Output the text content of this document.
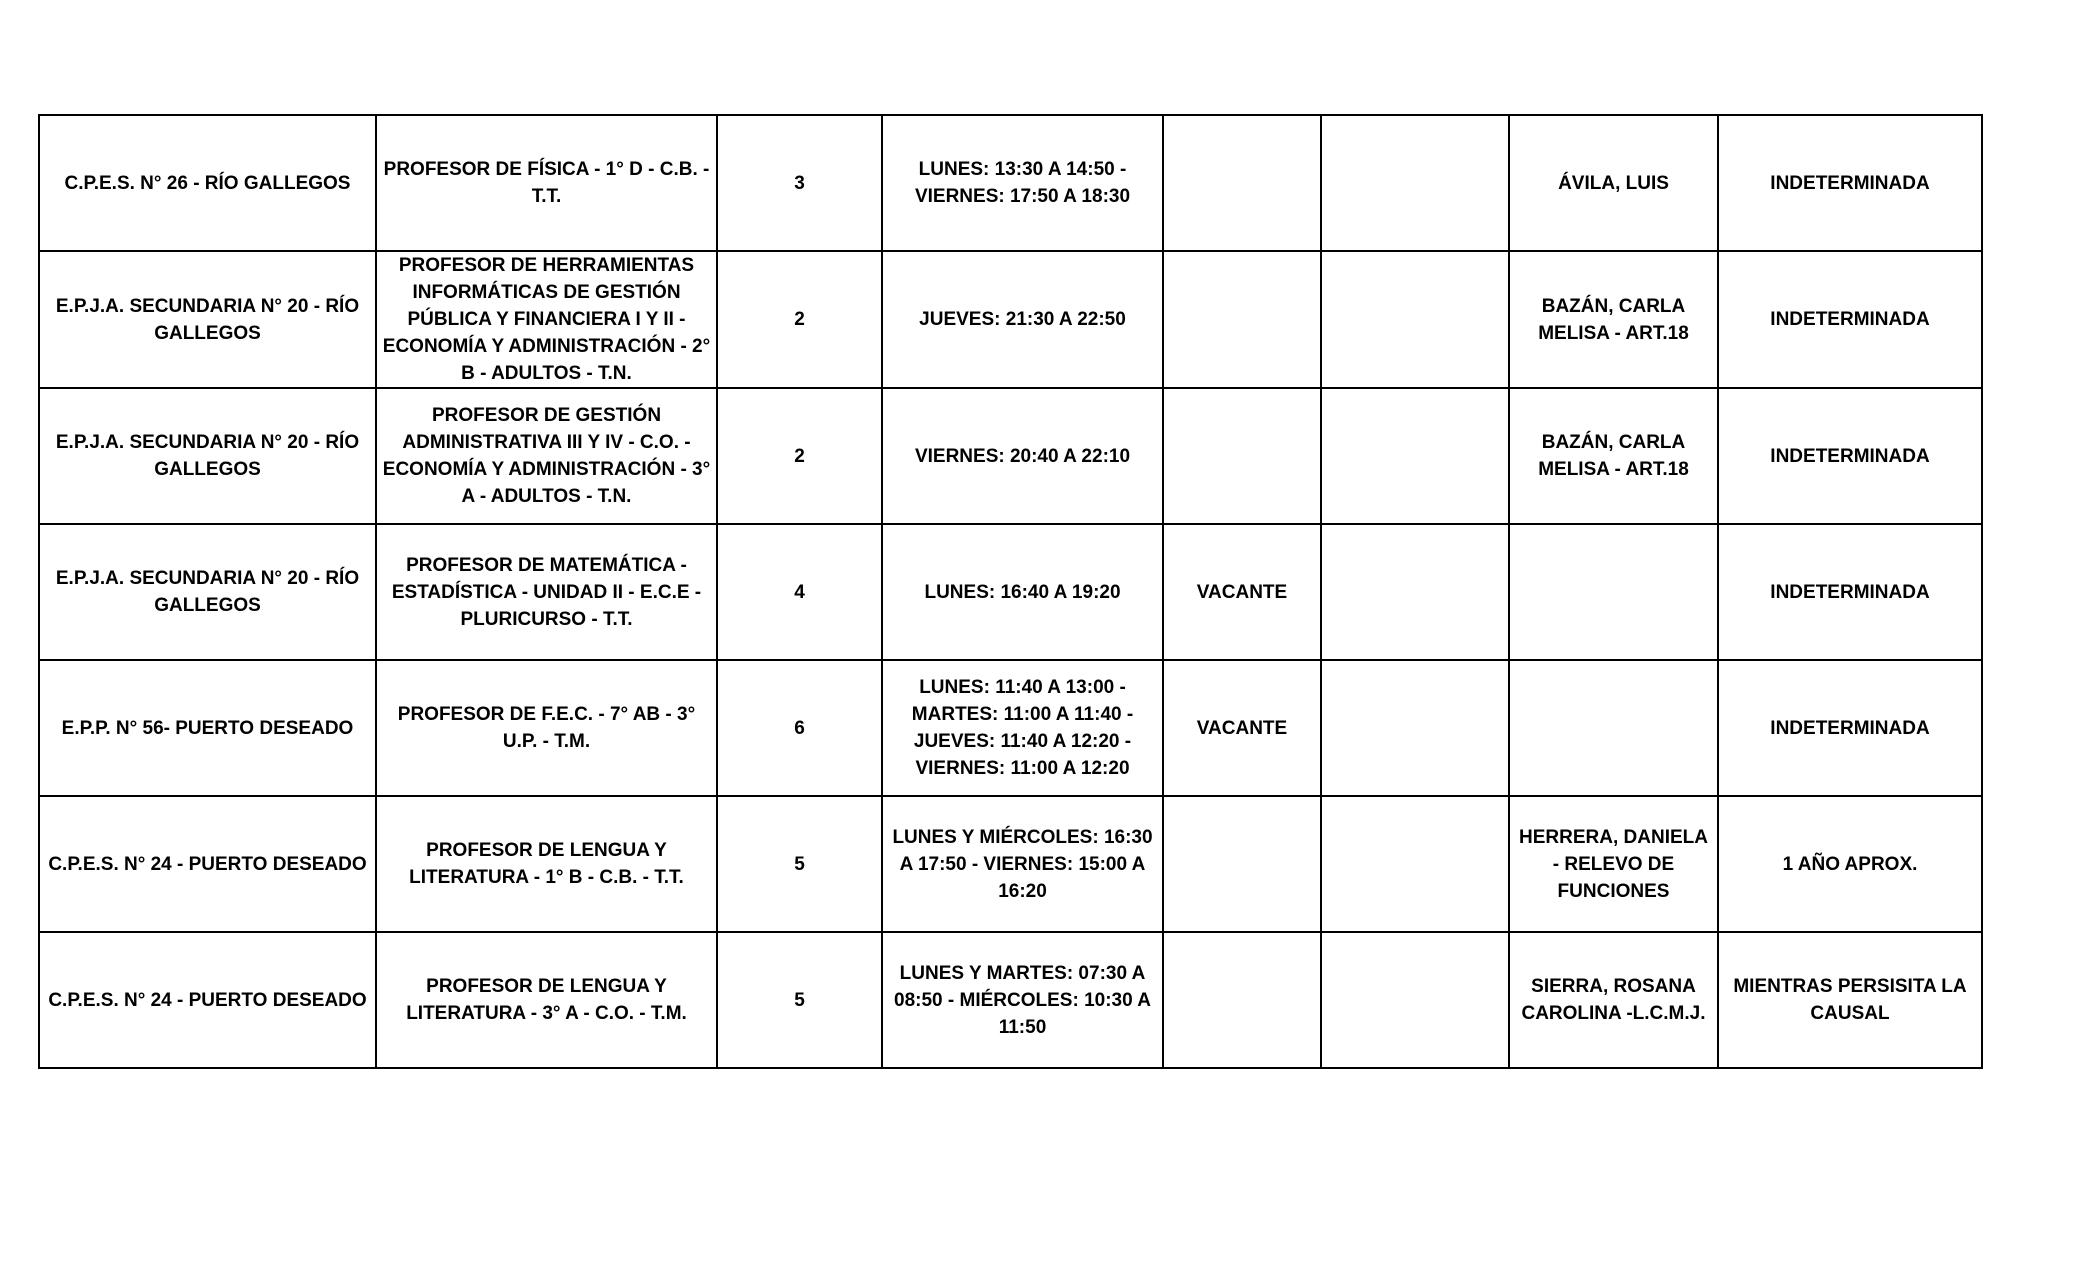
C.P.E.S. N° 26 - RÍO GALLEGOS	PROFESOR DE FÍSICA - 1° D - C.B. - T.T.	3	LUNES: 13:30 A 14:50 - VIERNES: 17:50 A 18:30			ÁVILA, LUIS	INDETERMINADA
E.P.J.A. SECUNDARIA N° 20 - RÍO GALLEGOS	PROFESOR DE HERRAMIENTAS INFORMÁTICAS DE GESTIÓN PÚBLICA Y FINANCIERA I Y II - ECONOMÍA Y ADMINISTRACIÓN - 2° B - ADULTOS - T.N.	2	JUEVES: 21:30 A 22:50			BAZÁN, CARLA MELISA - ART.18	INDETERMINADA
E.P.J.A. SECUNDARIA N° 20 - RÍO GALLEGOS	PROFESOR DE GESTIÓN ADMINISTRATIVA III Y IV - C.O. - ECONOMÍA Y ADMINISTRACIÓN - 3° A - ADULTOS - T.N.	2	VIERNES: 20:40 A 22:10			BAZÁN, CARLA MELISA - ART.18	INDETERMINADA
E.P.J.A. SECUNDARIA N° 20 - RÍO GALLEGOS	PROFESOR DE MATEMÁTICA - ESTADÍSTICA - UNIDAD II - E.C.E - PLURICURSO - T.T.	4	LUNES: 16:40 A 19:20	VACANTE			INDETERMINADA
E.P.P. N° 56- PUERTO DESEADO	PROFESOR DE F.E.C. - 7° AB - 3° U.P. - T.M.	6	LUNES: 11:40 A 13:00 - MARTES: 11:00 A 11:40 - JUEVES: 11:40 A 12:20 - VIERNES: 11:00 A 12:20	VACANTE			INDETERMINADA
C.P.E.S. N° 24 - PUERTO DESEADO	PROFESOR DE LENGUA Y LITERATURA - 1° B - C.B. - T.T.	5	LUNES Y MIÉRCOLES: 16:30 A 17:50 - VIERNES: 15:00 A 16:20			HERRERA, DANIELA - RELEVO DE FUNCIONES	1 AÑO APROX.
C.P.E.S. N° 24 - PUERTO DESEADO	PROFESOR DE LENGUA Y LITERATURA - 3° A - C.O. - T.M.	5	LUNES Y MARTES: 07:30 A 08:50 - MIÉRCOLES: 10:30 A 11:50			SIERRA, ROSANA CAROLINA -L.C.M.J.	MIENTRAS PERSISITA LA CAUSAL
